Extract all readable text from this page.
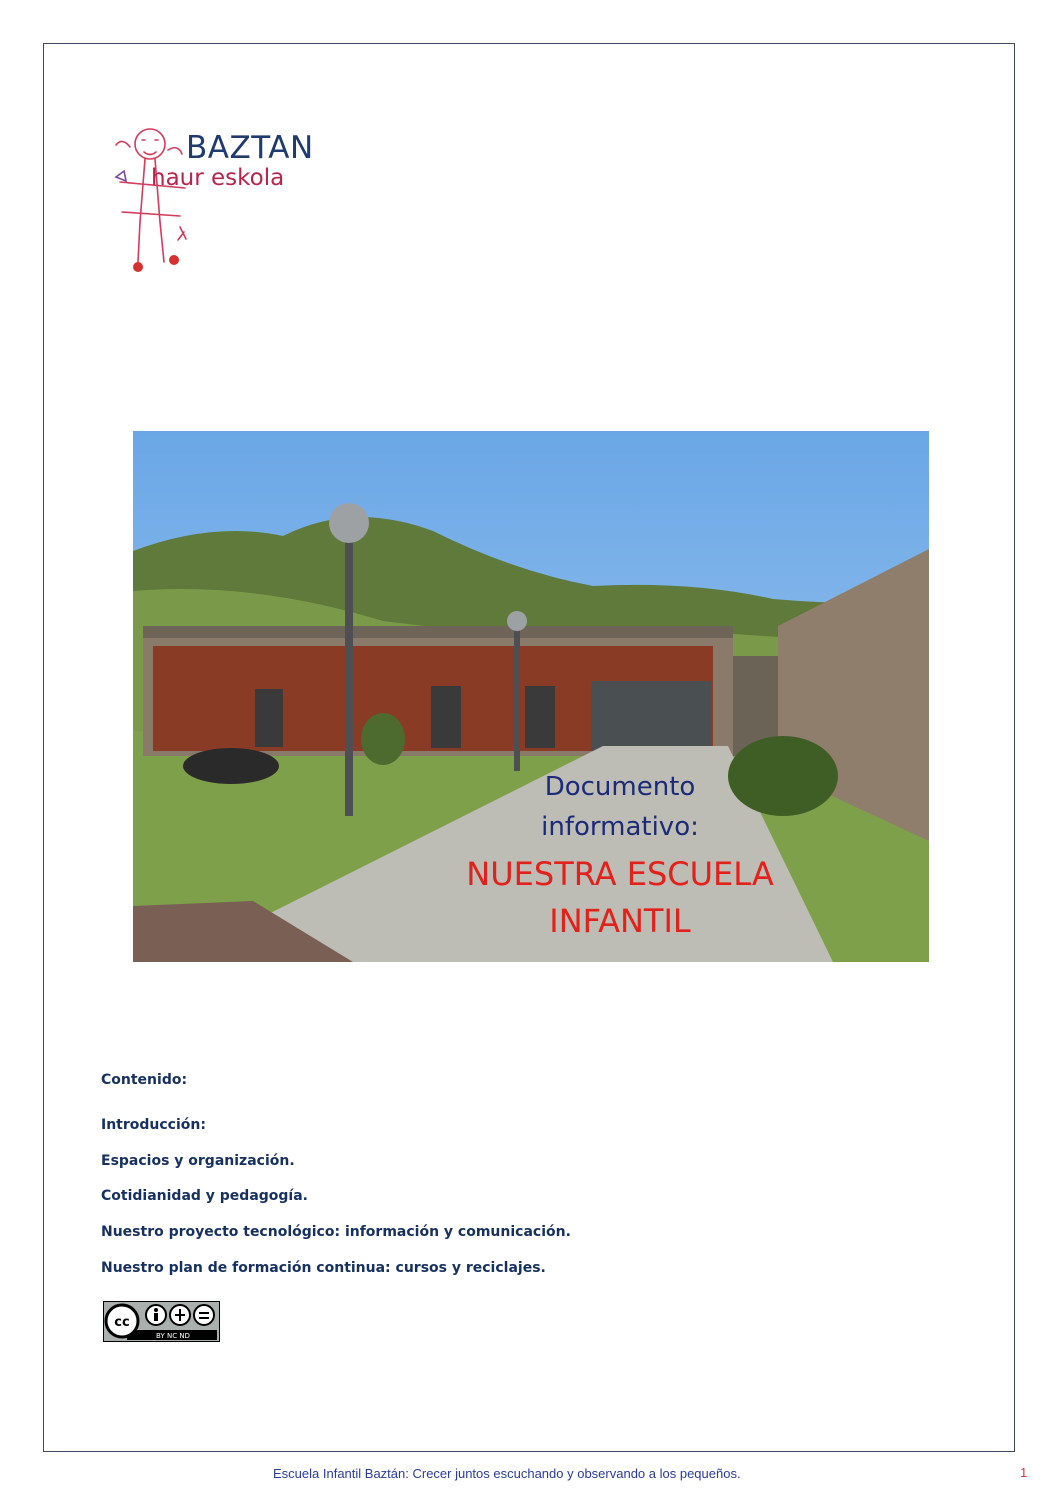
BAZTAN
haur eskola
Documento
informativo:
NUESTRA ESCUELA
INFANTIL
Contenido:
Introducción:
Espacios y organización.
Cotidianidad y pedagogía.
Nuestro proyecto tecnológico: información y comunicación.
Nuestro plan de formación continua: cursos y reciclajes.
cc
BY NC ND
Escuela Infantil Baztán: Crecer juntos escuchando y observando a los pequeños.	1
